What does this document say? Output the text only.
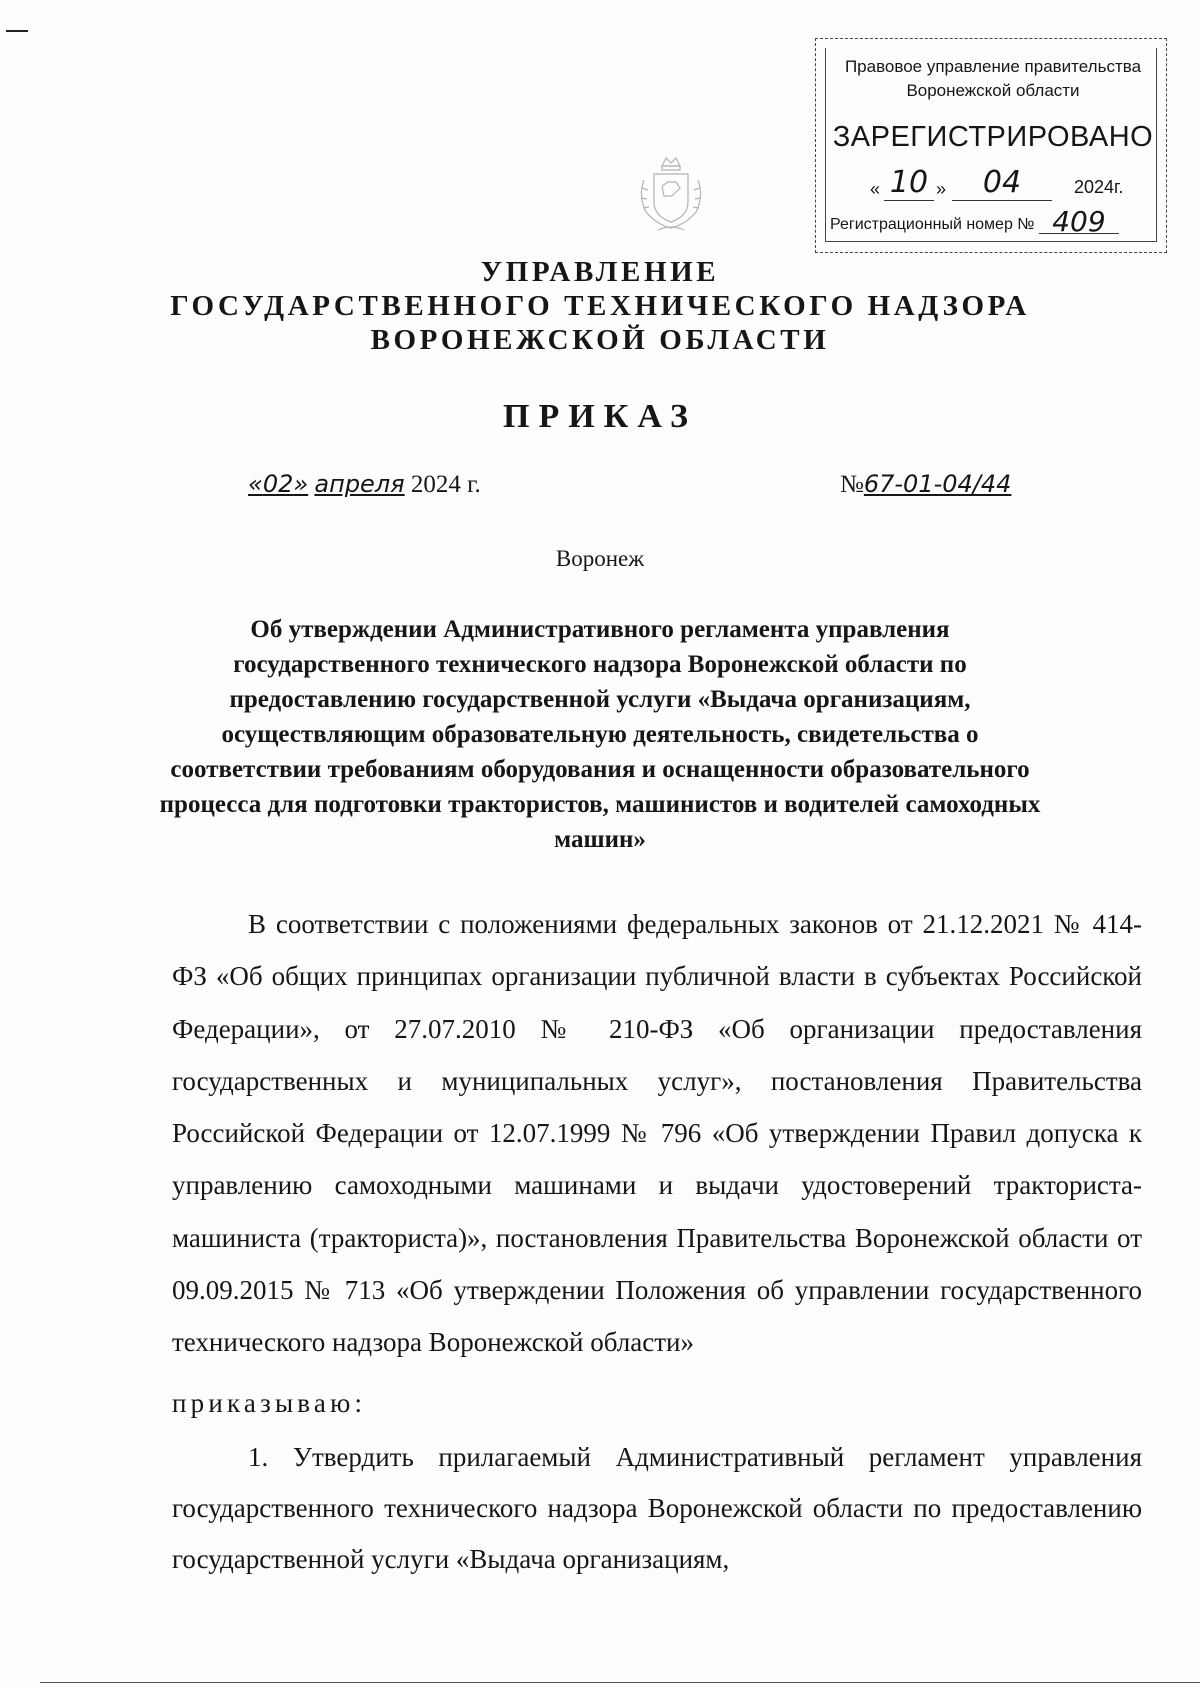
Правовое управление правительства
Воронежской области
ЗАРЕГИСТРИРОВАНО
« 10 »	04	2024г.
Регистрационный номер № 409
УПРАВЛЕНИЕ
ГОСУДАРСТВЕННОГО ТЕХНИЧЕСКОГО НАДЗОРА
ВОРОНЕЖСКОЙ ОБЛАСТИ
ПРИКАЗ
«02» апреля 2024 г.	№67-01-04/44
Воронеж
Об утверждении Административного регламента управления государственного технического надзора Воронежской области по предоставлению государственной услуги «Выдача организациям, осуществляющим образовательную деятельность, свидетельства о соответствии требованиям оборудования и оснащенности образовательного процесса для подготовки трактористов, машинистов и водителей самоходных машин»
В соответствии с положениями федеральных законов от 21.12.2021 № 414-ФЗ «Об общих принципах организации публичной власти в субъектах Российской Федерации», от 27.07.2010 № 210-ФЗ «Об организации предоставления государственных и муниципальных услуг», постановления Правительства Российской Федерации от 12.07.1999 № 796 «Об утверждении Правил допуска к управлению самоходными машинами и выдачи удостоверений тракториста-машиниста (тракториста)», постановления Правительства Воронежской области от 09.09.2015 № 713 «Об утверждении Положения об управлении государственного технического надзора Воронежской области»
приказываю:
1. Утвердить прилагаемый Административный регламент управления государственного технического надзора Воронежской области по предоставлению государственной услуги «Выдача организациям,
